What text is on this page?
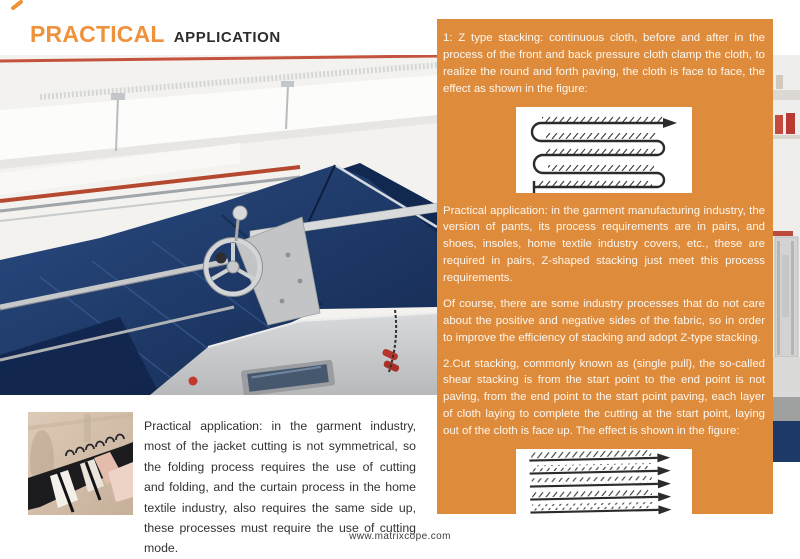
PRACTICAL APPLICATION	1: Z type stacking: continuous cloth, before and after in the process of the front and back pressure cloth clamp the cloth, to realize the round and forth paving, the cloth is face to face, the effect as shown in the figure:

Practical application: in the garment manufacturing industry, the version of pants, its process requirements are in pairs, and shoes, insoles, home textile industry covers, etc., these are required in pairs, Z-shaped stacking just meet this process requirements.

Of course, there are some industry processes that do not care about the positive and negative sides of the fabric, so in order to improve the efficiency of stacking and adopt Z-type stacking.

2.Cut stacking, commonly known as (single pull), the so-called shear stacking is from the start point to the end point is not paving, from the end point to the start point paving, each layer of cloth laying to complete the cutting at the start point, laying out of the cloth is face up. The effect is shown in the figure:

Practical application: in the garment industry, most of the jacket cutting is not symmetrical, so the folding process requires the use of cutting and folding, and the curtain process in the home textile industry, also requires the same side up, these processes must require the use of cutting mode.
www.matrixcope.com
